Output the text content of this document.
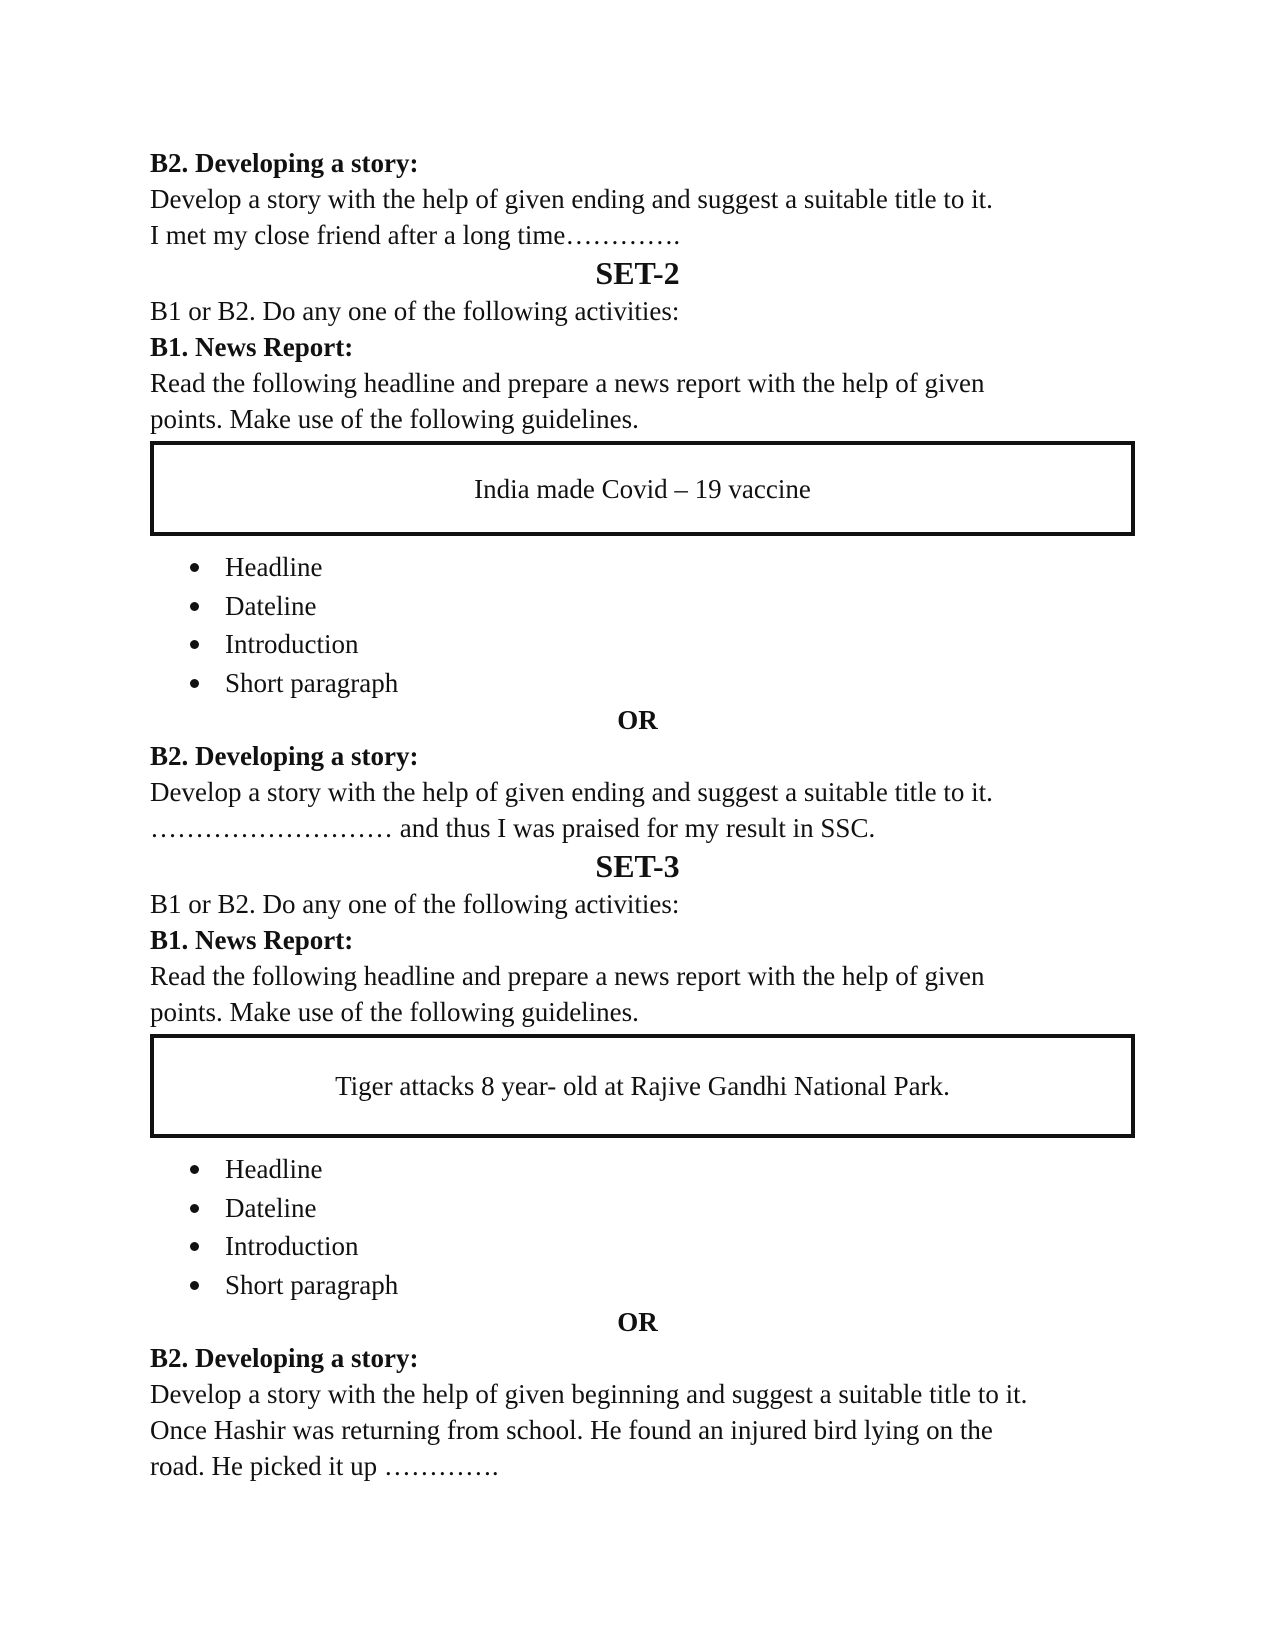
B2. Developing a story:
Develop a story with the help of given ending and suggest a suitable title to it.
I met my close friend after a long time………….
SET-2
B1 or B2. Do any one of the following activities:
B1. News Report:
Read the following headline and prepare a news report with the help of given
points. Make use of the following guidelines.
India made Covid – 19 vaccine
Headline
Dateline
Introduction
Short paragraph
OR
B2. Developing a story:
Develop a story with the help of given ending and suggest a suitable title to it.
……………………… and thus I was praised for my result in SSC.
SET-3
B1 or B2. Do any one of the following activities:
B1. News Report:
Read the following headline and prepare a news report with the help of given
points. Make use of the following guidelines.
Tiger attacks 8 year- old at Rajive Gandhi National Park.
Headline
Dateline
Introduction
Short paragraph
OR
B2. Developing a story:
Develop a story with the help of given beginning and suggest a suitable title to it.
Once Hashir was returning from school. He found an injured bird lying on the
road. He picked it up ………….
